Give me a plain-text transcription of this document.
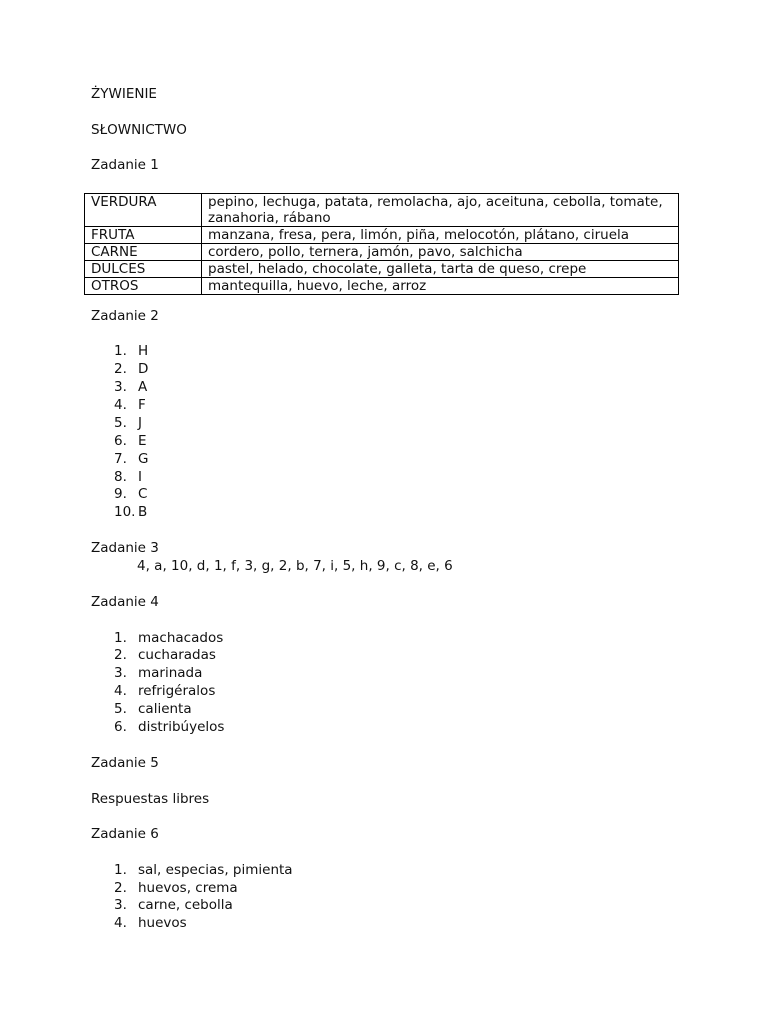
ŻYWIENIE
SŁOWNICTWO
Zadanie 1
VERDURA	pepino, lechuga, patata, remolacha, ajo, aceituna, cebolla, tomate, zanahoria, rábano
FRUTA	manzana, fresa, pera, limón, piña, melocotón, plátano, ciruela
CARNE	cordero, pollo, ternera, jamón, pavo, salchicha
DULCES	pastel, helado, chocolate, galleta, tarta de queso, crepe
OTROS	mantequilla, huevo, leche, arroz
Zadanie 2
1. H
2. D
3. A
4. F
5. J
6. E
7. G
8. I
9. C
10. B
Zadanie 3
4, a, 10, d, 1, f, 3, g, 2, b, 7, i, 5, h, 9, c, 8, e, 6
Zadanie 4
1. machacados
2. cucharadas
3. marinada
4. refrigéralos
5. calienta
6. distribúyelos
Zadanie 5
Respuestas libres
Zadanie 6
1. sal, especias, pimienta
2. huevos, crema
3. carne, cebolla
4. huevos
